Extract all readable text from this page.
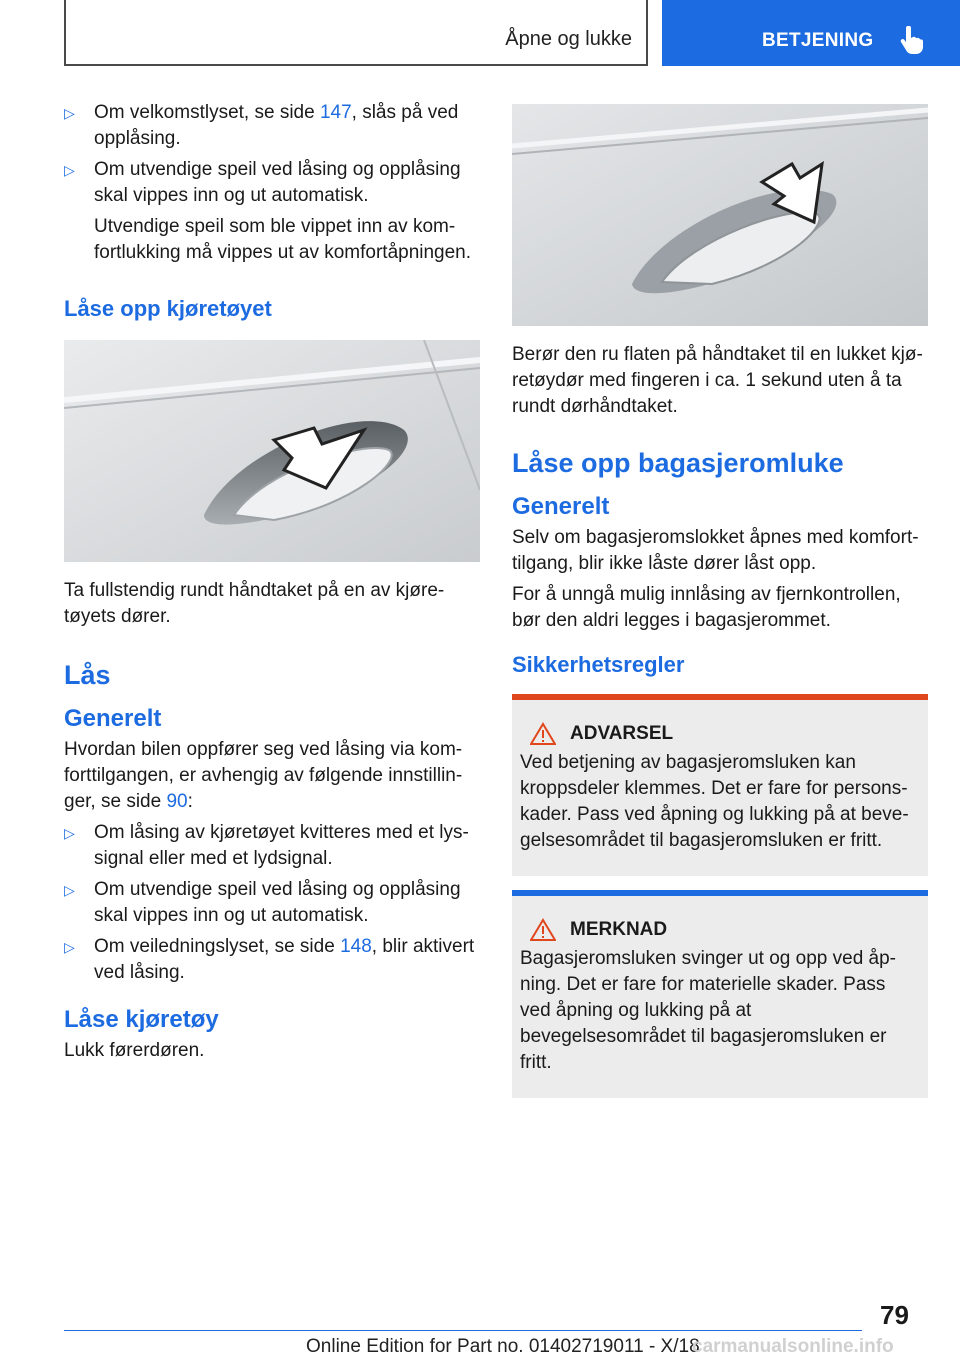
Åpne og lukke	BETJENING
▷ Om velkomstlyset, se side 147, slås på ved opplåsing.
▷ Om utvendige speil ved låsing og opplåsing skal vippes inn og ut automatisk.

Utvendige speil som ble vippet inn av kom‐fortlukking må vippes ut av komfortåpningen.

Låse opp kjøretøyet

Ta fullstendig rundt håndtaket på en av kjøre‐tøyets dører.

Lås
Generelt

Hvordan bilen oppfører seg ved låsing via kom‐forttilgangen, er avhengig av følgende innstillin‐ger, se side 90:

▷ Om låsing av kjøretøyet kvitteres med et lys‐signal eller med et lydsignal.
▷ Om utvendige speil ved låsing og opplåsing skal vippes inn og ut automatisk.
▷ Om veiledningslyset, se side 148, blir aktivert ved låsing.
Låse kjøretøy

Lukk førerdøren.

Berør den ru flaten på håndtaket til en lukket kjø‐retøydør med fingeren i ca. 1 sekund uten å ta rundt dørhåndtaket.

Låse opp bagasjeromluke
Generelt

Selv om bagasjeromslokket åpnes med komfort‐tilgang, blir ikke låste dører låst opp.

For å unngå mulig innlåsing av fjernkontrollen, bør den aldri legges i bagasjerommet.

Sikkerhetsregler
ADVARSEL

Ved betjening av bagasjeromsluken kan kroppsdeler klemmes. Det er fare for persons‐kader. Pass ved åpning og lukking på at beve‐gelsesområdet til bagasjeromsluken er fritt.

MERKNAD

Bagasjeromsluken svinger ut og opp ved åp‐ning. Det er fare for materielle skader. Pass ved åpning og lukking på at bevegelsesområdet til bagasjeromsluken er fritt.

79
Online Edition for Part no. 01402719011 - X/18
carmanualsonline.info
